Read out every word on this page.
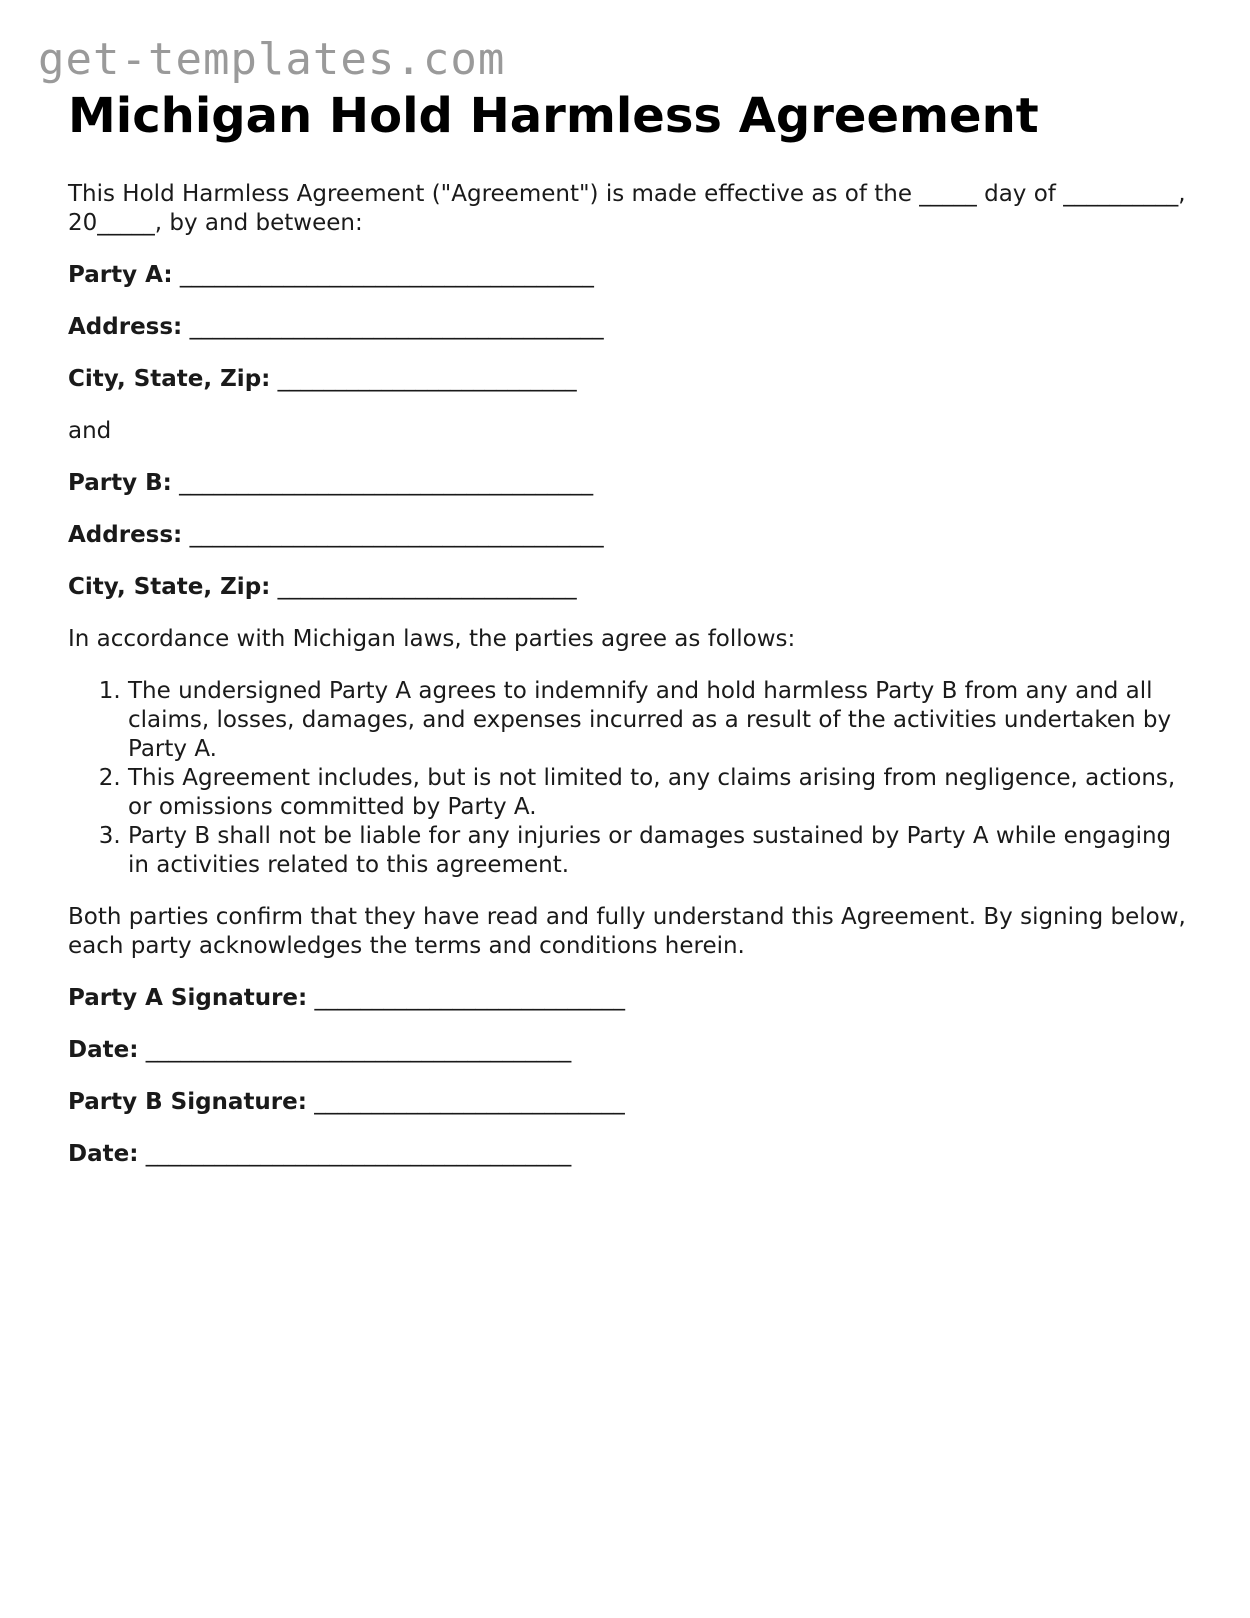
get-templates.com
Michigan Hold Harmless Agreement

This Hold Harmless Agreement ("Agreement") is made effective as of the _____ day of __________, 20_____, by and between:

Party A: ____________________________________

Address: ____________________________________

City, State, Zip: __________________________

and

Party B: ____________________________________

Address: ____________________________________

City, State, Zip: __________________________

In accordance with Michigan laws, the parties agree as follows:

1. The undersigned Party A agrees to indemnify and hold harmless Party B from any and all claims, losses, damages, and expenses incurred as a result of the activities undertaken by Party A.
2. This Agreement includes, but is not limited to, any claims arising from negligence, actions, or omissions committed by Party A.
3. Party B shall not be liable for any injuries or damages sustained by Party A while engaging in activities related to this agreement.

Both parties confirm that they have read and fully understand this Agreement. By signing below, each party acknowledges the terms and conditions herein.

Party A Signature: ___________________________

Date: _____________________________________

Party B Signature: ___________________________

Date: _____________________________________
